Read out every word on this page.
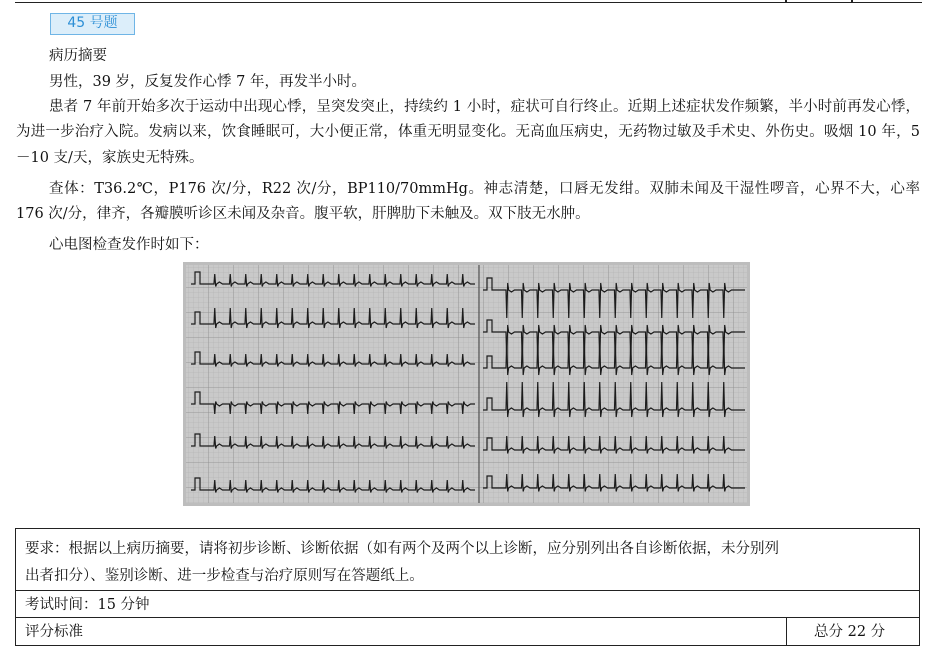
45 号题
病历摘要
男性，39 岁，反复发作心悸 7 年，再发半小时。
患者 7 年前开始多次于运动中出现心悸，呈突发突止，持续约 1 小时，症状可自行终止。近期上述症状发作频繁，半小时前再发心悸，为进一步治疗入院。发病以来，饮食睡眠可，大小便正常，体重无明显变化。无高血压病史，无药物过敏及手术史、外伤史。吸烟 10 年，5－10 支/天，家族史无特殊。
查体：T36.2℃，P176 次/分，R22 次/分，BP110/70mmHg。神志清楚，口唇无发绀。双肺未闻及干湿性啰音，心界不大，心率 176 次/分，律齐，各瓣膜听诊区未闻及杂音。腹平软，肝脾肋下未触及。双下肢无水肿。
心电图检查发作时如下：
要求：根据以上病历摘要，请将初步诊断、诊断依据（如有两个及两个以上诊断，应分别列出各自诊断依据，未分别列
出者扣分）、鉴别诊断、进一步检查与治疗原则写在答题纸上。
考试时间：15 分钟
评分标准	总分 22 分
